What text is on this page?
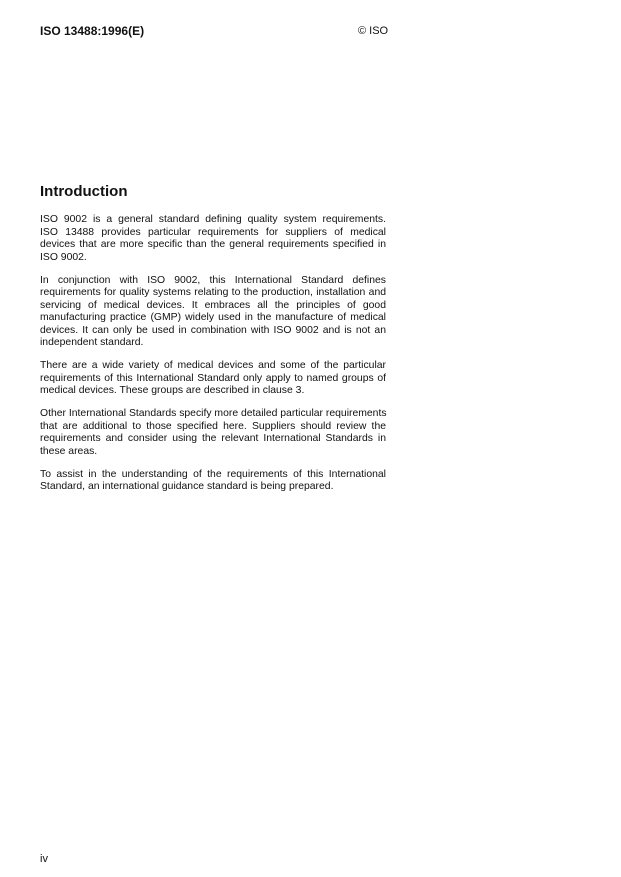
ISO 13488:1996(E)	© ISO
Introduction
ISO 9002 is a general standard defining quality system requirements.
ISO 13488 provides particular requirements for suppliers of medical
devices that are more specific than the general requirements specified in
ISO 9002.
In conjunction with ISO 9002, this International Standard defines
requirements for quality systems relating to the production, installation and
servicing of medical devices. It embraces all the principles of good
manufacturing practice (GMP) widely used in the manufacture of medical
devices. It can only be used in combination with ISO 9002 and is not an
independent standard.
There are a wide variety of medical devices and some of the particular
requirements of this International Standard only apply to named groups of
medical devices. These groups are described in clause 3.
Other International Standards specify more detailed particular requirements
that are additional to those specified here. Suppliers should review the
requirements and consider using the relevant International Standards in
these areas.
To assist in the understanding of the requirements of this International
Standard, an international guidance standard is being prepared.
iv
